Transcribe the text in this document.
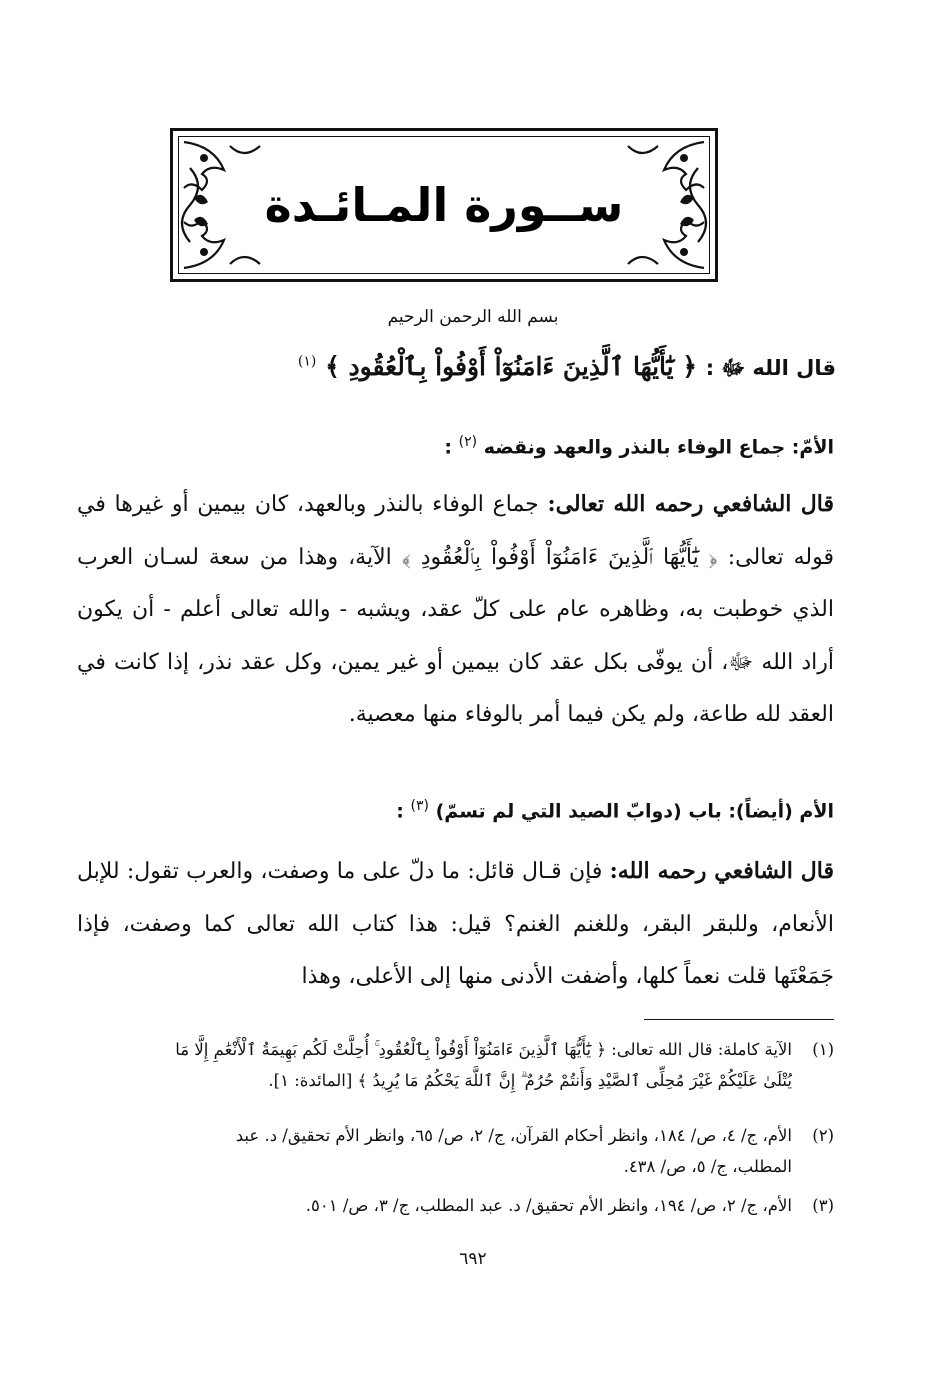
ســورة المـائـدة
بسم الله الرحمن الرحيم
قال الله ﷻ : ﴿ يَٰٓأَيُّهَا ٱلَّذِينَ ءَامَنُوٓاْ أَوْفُواْ بِٱلْعُقُودِ ﴾ $^{(١)}$
الأمّ: جماع الوفاء بالنذر والعهد ونقضه $^{(٢)}$ :
قال الشافعي رحمه الله تعالى: جماع الوفاء بالنذر وبالعهد، كان بيمين أو غيرها في قوله تعالى: ﴿ يَٰٓأَيُّهَا ٱلَّذِينَ ءَامَنُوٓاْ أَوْفُواْ بِٱلْعُقُودِ ﴾ الآية، وهذا من سعة لسـان العرب الذي خوطبت به، وظاهره عام على كلّ عقد، ويشبه - والله تعالى أعلم - أن يكون أراد الله ﷻ، أن يوفّى بكل عقد كان بيمين أو غير يمين، وكل عقد نذر، إذا كانت في العقد لله طاعة، ولم يكن فيما أمر بالوفاء منها معصية.
الأم (أيضاً): باب (دوابّ الصيد التي لم تسمّ) $^{(٣)}$ :
قال الشافعي رحمه الله: فإن قـال قائل: ما دلّ على ما وصفت، والعرب تقول: للإبل الأنعام، وللبقر البقر، وللغنم الغنم؟ قيل: هذا كتاب الله تعالى كما وصفت، فإذا جَمَعْتَها قلت نعماً كلها، وأضفت الأدنى منها إلى الأعلى، وهذا
(١)الآية كاملة: قال الله تعالى: ﴿ يَٰٓأَيُّهَا ٱلَّذِينَ ءَامَنُوٓاْ أَوْفُواْ بِٱلْعُقُودِ ۚ أُحِلَّتْ لَكُم بَهِيمَةُ ٱلْأَنْعَٰمِ إِلَّا مَا
يُتْلَىٰ عَلَيْكُمْ غَيْرَ مُحِلِّى ٱلصَّيْدِ وَأَنتُمْ حُرُمٌ ۗ إِنَّ ٱللَّهَ يَحْكُمُ مَا يُرِيدُ ﴾ [المائدة: ١].
(٢)الأم، ج/ ٤، ص/ ١٨٤، وانظر أحكام القرآن، ج/ ٢، ص/ ٦٥، وانظر الأم تحقيق/ د. عبد
المطلب، ج/ ٥، ص/ ٤٣٨.
(٣)الأم، ج/ ٢، ص/ ١٩٤، وانظر الأم تحقيق/ د. عبد المطلب، ج/ ٣، ص/ ٥٠١.
٦٩٢
